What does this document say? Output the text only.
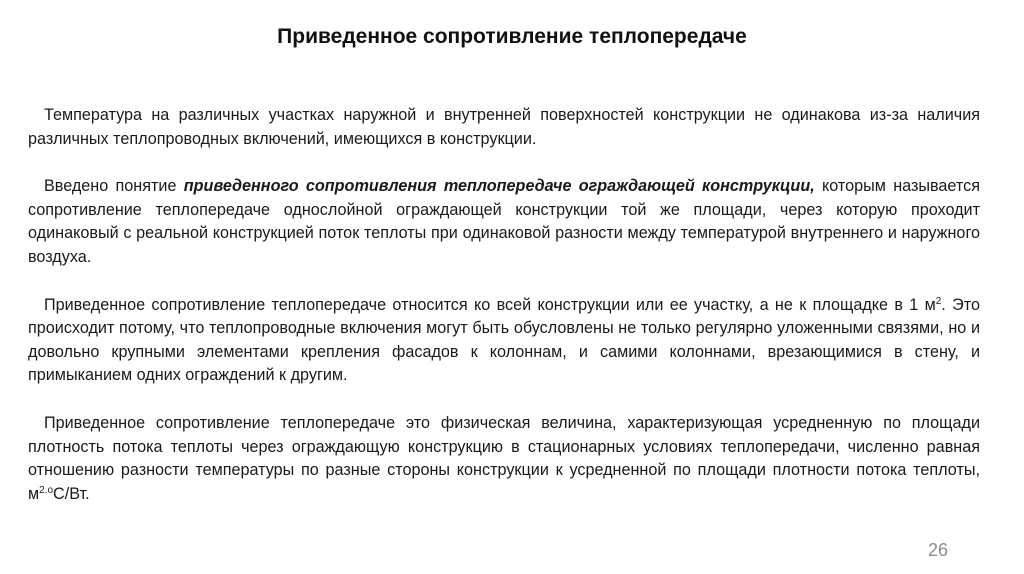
Приведенное сопротивление теплопередаче

Температура на различных участках наружной и внутренней поверхностей конструкции не одинакова из-за наличия различных теплопроводных включений, имеющихся в конструкции.

Введено понятие приведенного сопротивления теплопередаче ограждающей конструкции, которым называется сопротивление теплопередаче однослойной ограждающей конструкции той же площади, через которую проходит одинаковый с реальной конструкцией поток теплоты при одинаковой разности между температурой внутреннего и наружного воздуха.

Приведенное сопротивление теплопередаче относится ко всей конструкции или ее участку, а не к площадке в 1 $м^2$. Это происходит потому, что теплопроводные включения могут быть обусловлены не только регулярно уложенными связями, но и довольно крупными элементами крепления фасадов к колоннам, и самими колоннами, врезающимися в стену, и примыканием одних ограждений к другим.

Приведенное сопротивление теплопередаче это физическая величина, характеризующая усредненную по площади плотность потока теплоты через ограждающую конструкцию в стационарных условиях теплопередачи, численно равная отношению разности температуры по разные стороны конструкции к усредненной по площади плотности потока теплоты, $м^{2.о}С/Вт$.

26
